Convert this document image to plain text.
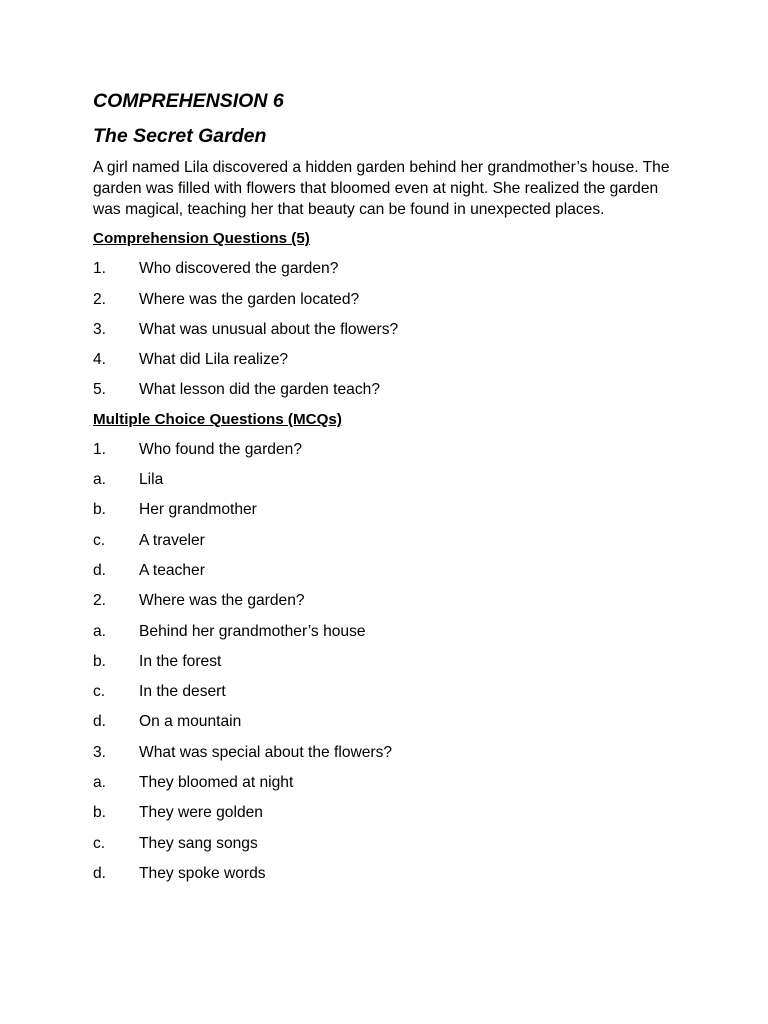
COMPREHENSION 6
The Secret Garden

A girl named Lila discovered a hidden garden behind her grandmother’s house. The garden was filled with flowers that bloomed even at night. She realized the garden was magical, teaching her that beauty can be found in unexpected places.

Comprehension Questions (5)
1.	Who discovered the garden?
2.	Where was the garden located?
3.	What was unusual about the flowers?
4.	What did Lila realize?
5.	What lesson did the garden teach?
Multiple Choice Questions (MCQs)
1.	Who found the garden?
a.	Lila
b.	Her grandmother
c.	A traveler
d.	A teacher
2.	Where was the garden?
a.	Behind her grandmother’s house
b.	In the forest
c.	In the desert
d.	On a mountain
3.	What was special about the flowers?
a.	They bloomed at night
b.	They were golden
c.	They sang songs
d.	They spoke words
